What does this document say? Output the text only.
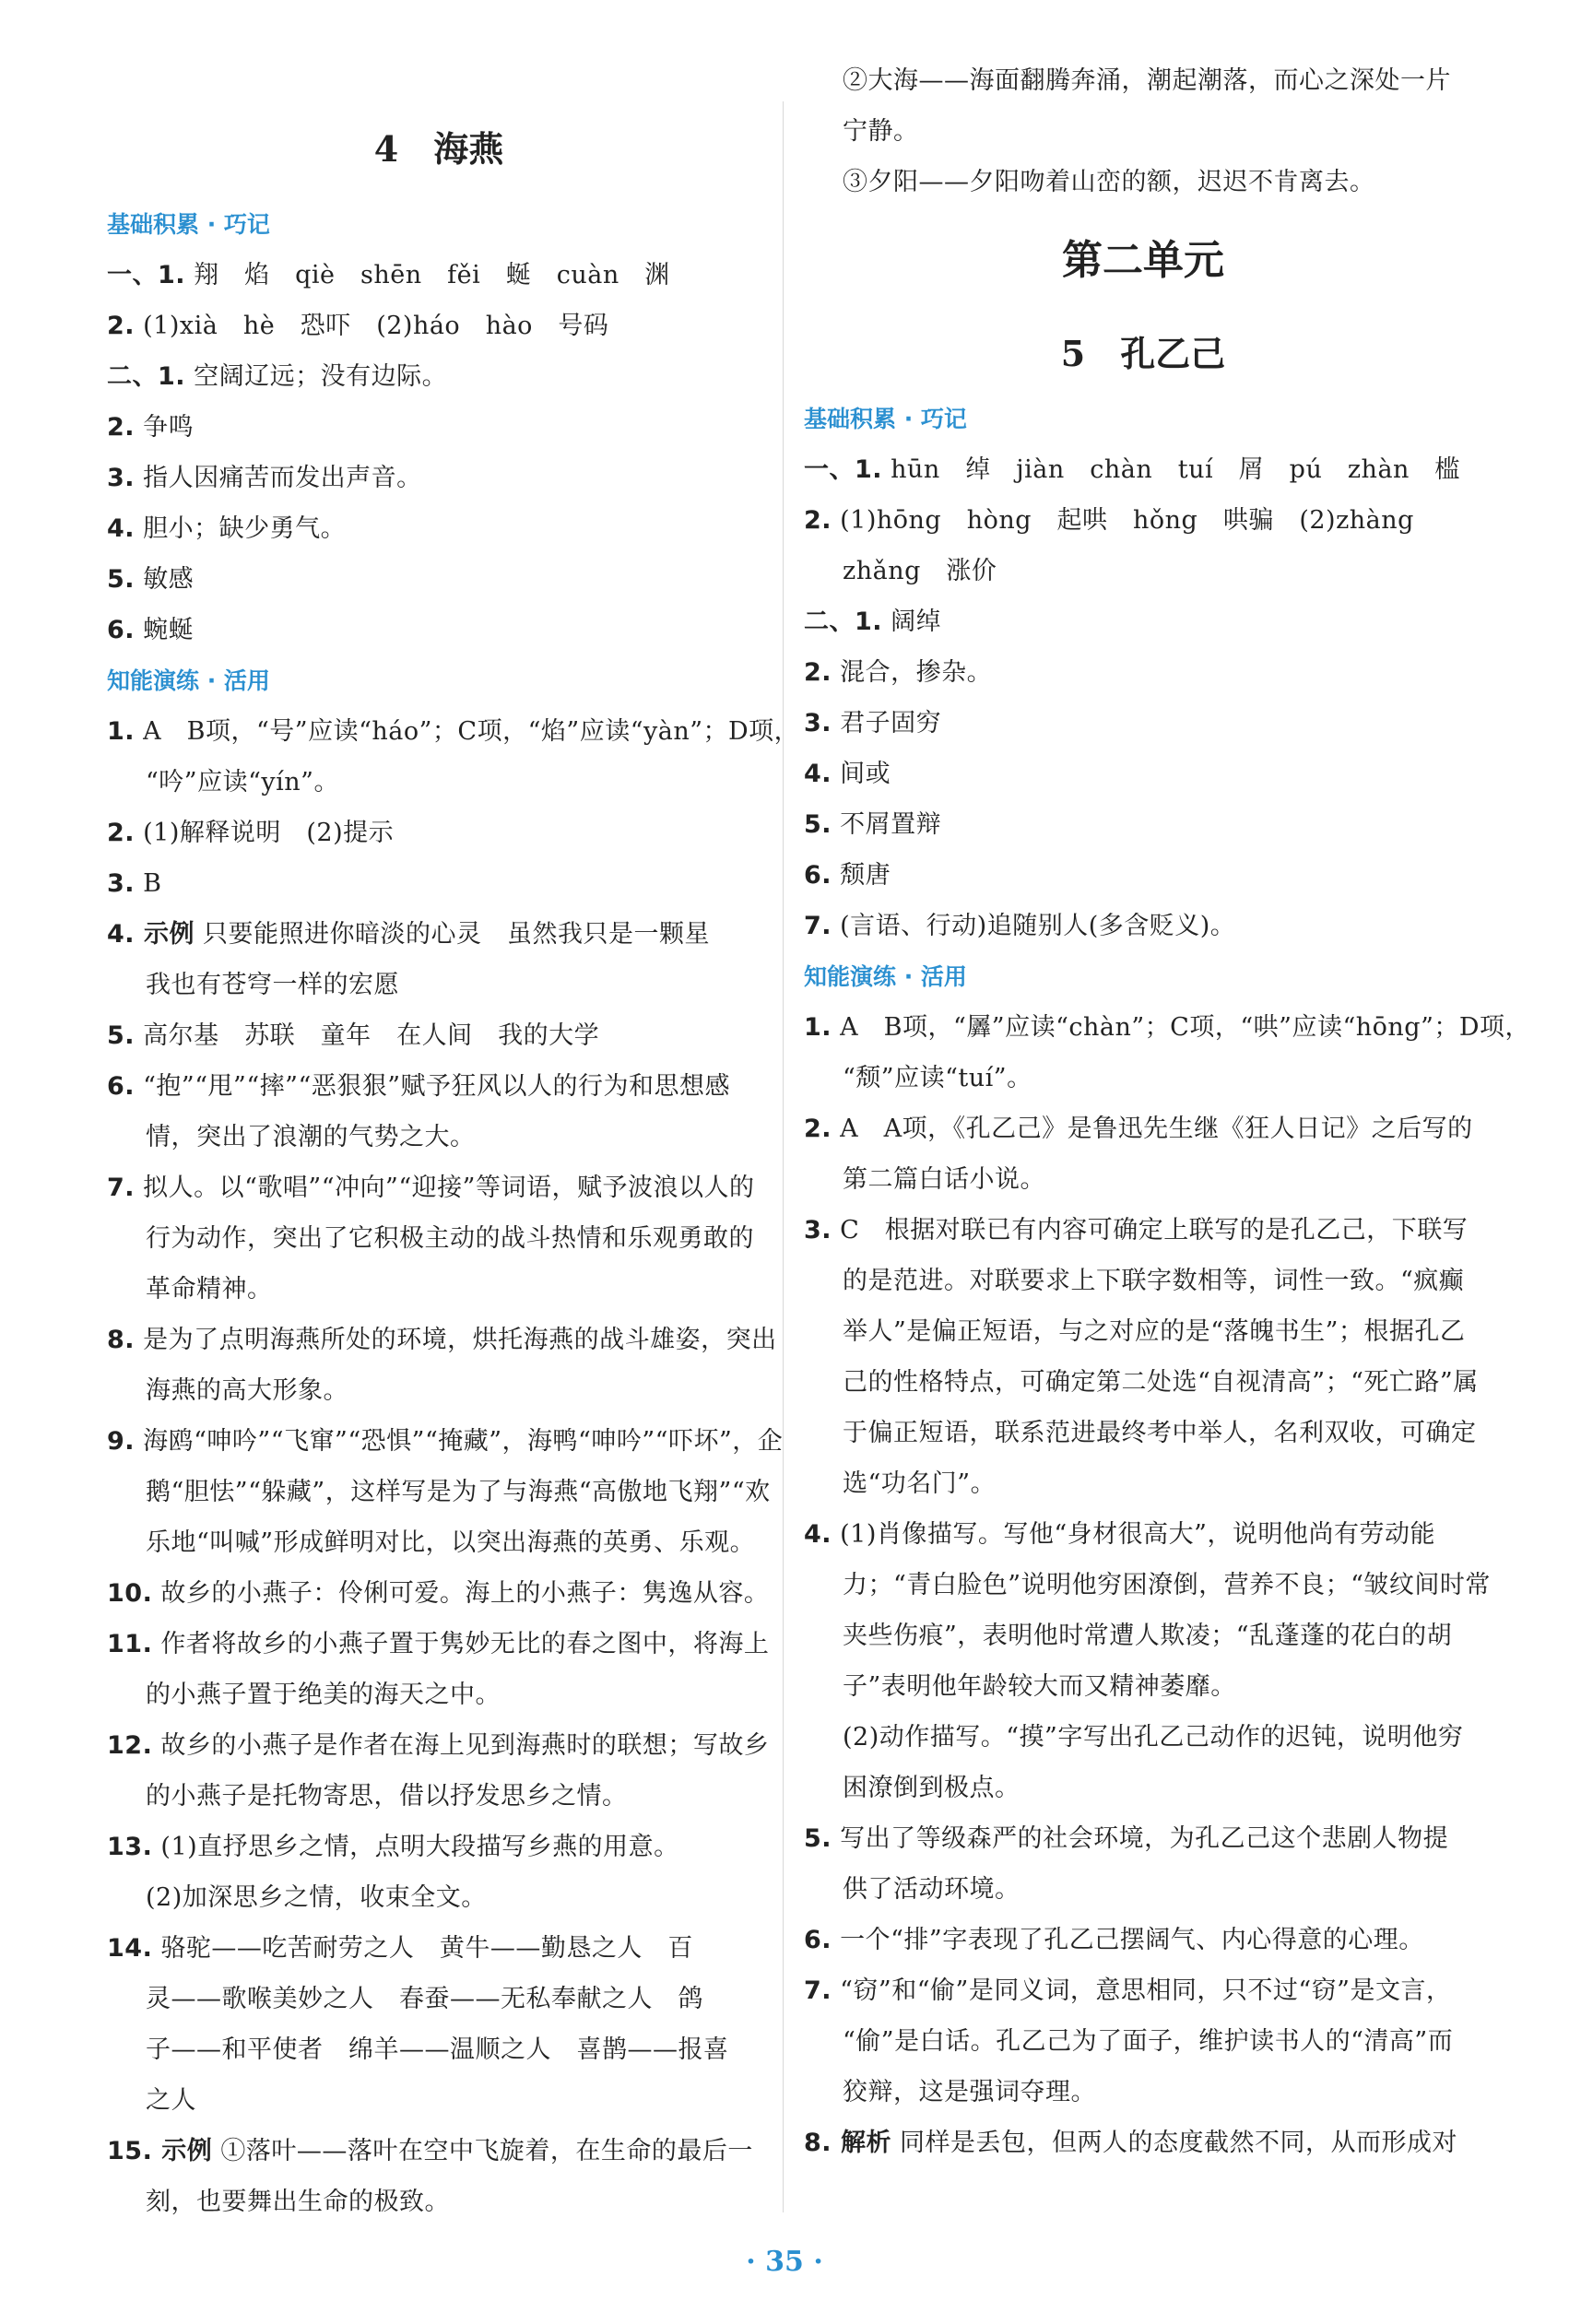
4　海燕
基础积累 · 巧记
一、1. 翔　焰　qiè　shēn　fěi　蜒　cuàn　渊
2. (1)xià　hè　恐吓　(2)háo　hào　号码
二、1. 空阔辽远；没有边际。
2. 争鸣
3. 指人因痛苦而发出声音。
4. 胆小；缺少勇气。
5. 敏感
6. 蜿蜒
知能演练 · 活用
1. A　B项，“号”应读“háo”；C项，“焰”应读“yàn”；D项，
“吟”应读“yín”。
2. (1)解释说明　(2)提示
3. B
4. 示例 只要能照进你暗淡的心灵　虽然我只是一颗星
我也有苍穹一样的宏愿
5. 高尔基　苏联　童年　在人间　我的大学
6. “抱”“甩”“摔”“恶狠狠”赋予狂风以人的行为和思想感
情，突出了浪潮的气势之大。
7. 拟人。以“歌唱”“冲向”“迎接”等词语，赋予波浪以人的
行为动作，突出了它积极主动的战斗热情和乐观勇敢的
革命精神。
8. 是为了点明海燕所处的环境，烘托海燕的战斗雄姿，突出
海燕的高大形象。
9. 海鸥“呻吟”“飞窜”“恐惧”“掩藏”，海鸭“呻吟”“吓坏”，企
鹅“胆怯”“躲藏”，这样写是为了与海燕“高傲地飞翔”“欢
乐地“叫喊”形成鲜明对比，以突出海燕的英勇、乐观。
10. 故乡的小燕子：伶俐可爱。海上的小燕子：隽逸从容。
11. 作者将故乡的小燕子置于隽妙无比的春之图中，将海上
的小燕子置于绝美的海天之中。
12. 故乡的小燕子是作者在海上见到海燕时的联想；写故乡
的小燕子是托物寄思，借以抒发思乡之情。
13. (1)直抒思乡之情，点明大段描写乡燕的用意。
(2)加深思乡之情，收束全文。
14. 骆驼——吃苦耐劳之人　黄牛——勤恳之人　百
灵——歌喉美妙之人　春蚕——无私奉献之人　鸽
子——和平使者　绵羊——温顺之人　喜鹊——报喜
之人
15. 示例 ①落叶——落叶在空中飞旋着，在生命的最后一
刻，也要舞出生命的极致。
②大海——海面翻腾奔涌，潮起潮落，而心之深处一片
宁静。
③夕阳——夕阳吻着山峦的额，迟迟不肯离去。
第二单元
5　孔乙己
基础积累 · 巧记
一、1. hūn　绰　jiàn　chàn　tuí　屑　pú　zhàn　槛
2. (1)hōng　hòng　起哄　hǒng　哄骗　(2)zhàng
zhǎng　涨价
二、1. 阔绰
2. 混合，掺杂。
3. 君子固穷
4. 间或
5. 不屑置辩
6. 颓唐
7. (言语、行动)追随别人(多含贬义)。
知能演练 · 活用
1. A　B项，“羼”应读“chàn”；C项，“哄”应读“hōng”；D项，
“颓”应读“tuí”。
2. A　A项，《孔乙己》是鲁迅先生继《狂人日记》之后写的
第二篇白话小说。
3. C　根据对联已有内容可确定上联写的是孔乙己，下联写
的是范进。对联要求上下联字数相等，词性一致。“疯癫
举人”是偏正短语，与之对应的是“落魄书生”；根据孔乙
己的性格特点，可确定第二处选“自视清高”；“死亡路”属
于偏正短语，联系范进最终考中举人，名利双收，可确定
选“功名门”。
4. (1)肖像描写。写他“身材很高大”，说明他尚有劳动能
力；“青白脸色”说明他穷困潦倒，营养不良；“皱纹间时常
夹些伤痕”，表明他时常遭人欺凌；“乱蓬蓬的花白的胡
子”表明他年龄较大而又精神萎靡。
(2)动作描写。“摸”字写出孔乙己动作的迟钝，说明他穷
困潦倒到极点。
5. 写出了等级森严的社会环境，为孔乙己这个悲剧人物提
供了活动环境。
6. 一个“排”字表现了孔乙己摆阔气、内心得意的心理。
7. “窃”和“偷”是同义词，意思相同，只不过“窃”是文言，
“偷”是白话。孔乙己为了面子，维护读书人的“清高”而
狡辩，这是强词夺理。
8. 解析 同样是丢包，但两人的态度截然不同，从而形成对
· 35 ·
